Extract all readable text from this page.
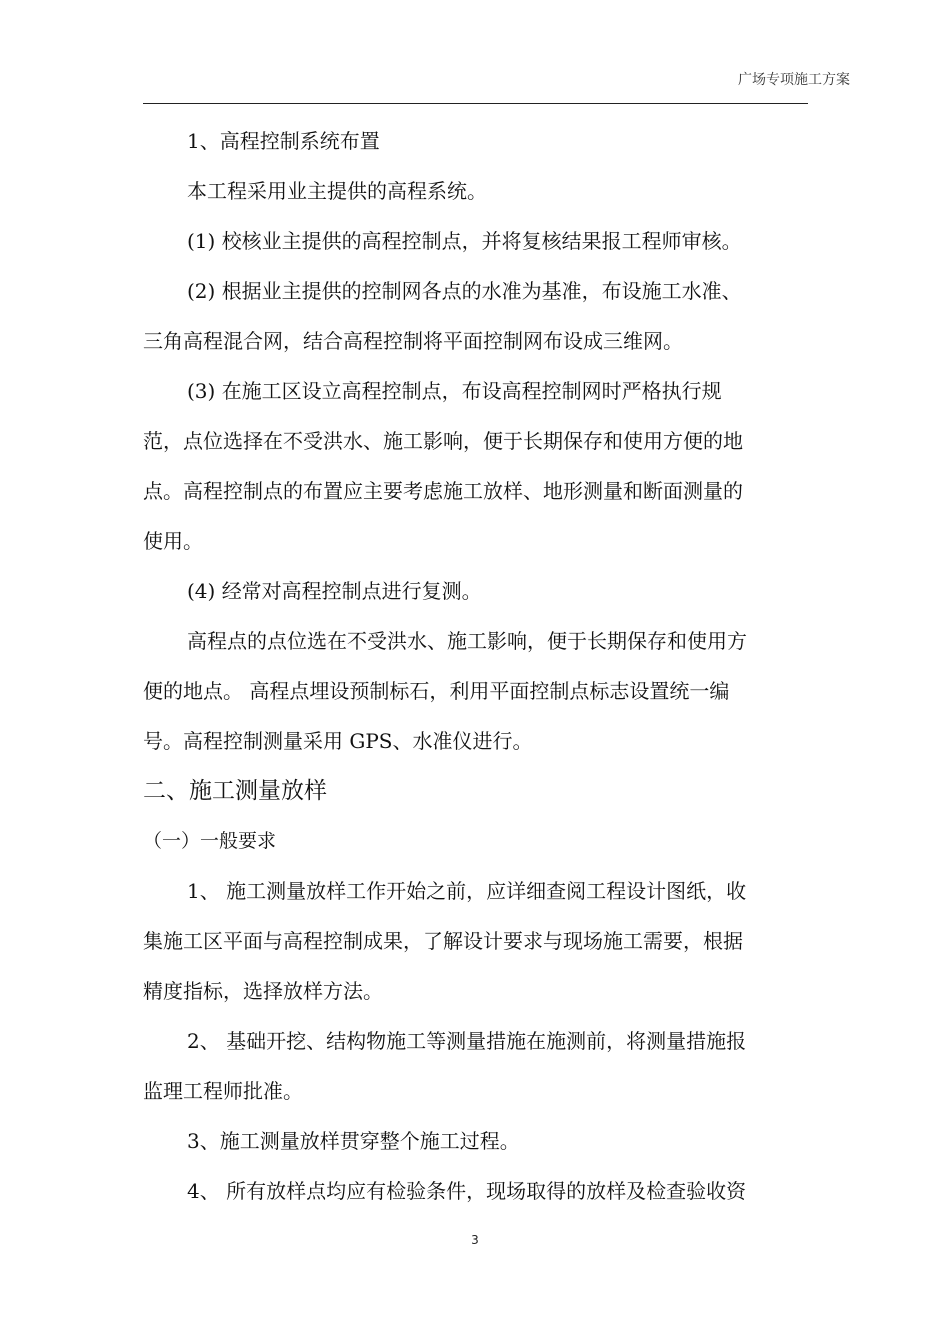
广场专项施工方案
1、高程控制系统布置
本工程采用业主提供的高程系统。
(1) 校核业主提供的高程控制点，并将复核结果报工程师审核。
(2) 根据业主提供的控制网各点的水准为基准，布设施工水准、
三角高程混合网，结合高程控制将平面控制网布设成三维网。
(3) 在施工区设立高程控制点，布设高程控制网时严格执行规
范，点位选择在不受洪水、施工影响，便于长期保存和使用方便的地
点。高程控制点的布置应主要考虑施工放样、地形测量和断面测量的
使用。
(4) 经常对高程控制点进行复测。
高程点的点位选在不受洪水、施工影响，便于长期保存和使用方
便的地点。 高程点埋设预制标石，利用平面控制点标志设置统一编
号。高程控制测量采用 GPS、水准仪进行。
二、施工测量放样
（一）一般要求
1、 施工测量放样工作开始之前，应详细查阅工程设计图纸，收
集施工区平面与高程控制成果，了解设计要求与现场施工需要，根据
精度指标，选择放样方法。
2、 基础开挖、结构物施工等测量措施在施测前，将测量措施报
监理工程师批准。
3、施工测量放样贯穿整个施工过程。
4、 所有放样点均应有检验条件，现场取得的放样及检查验收资
3
